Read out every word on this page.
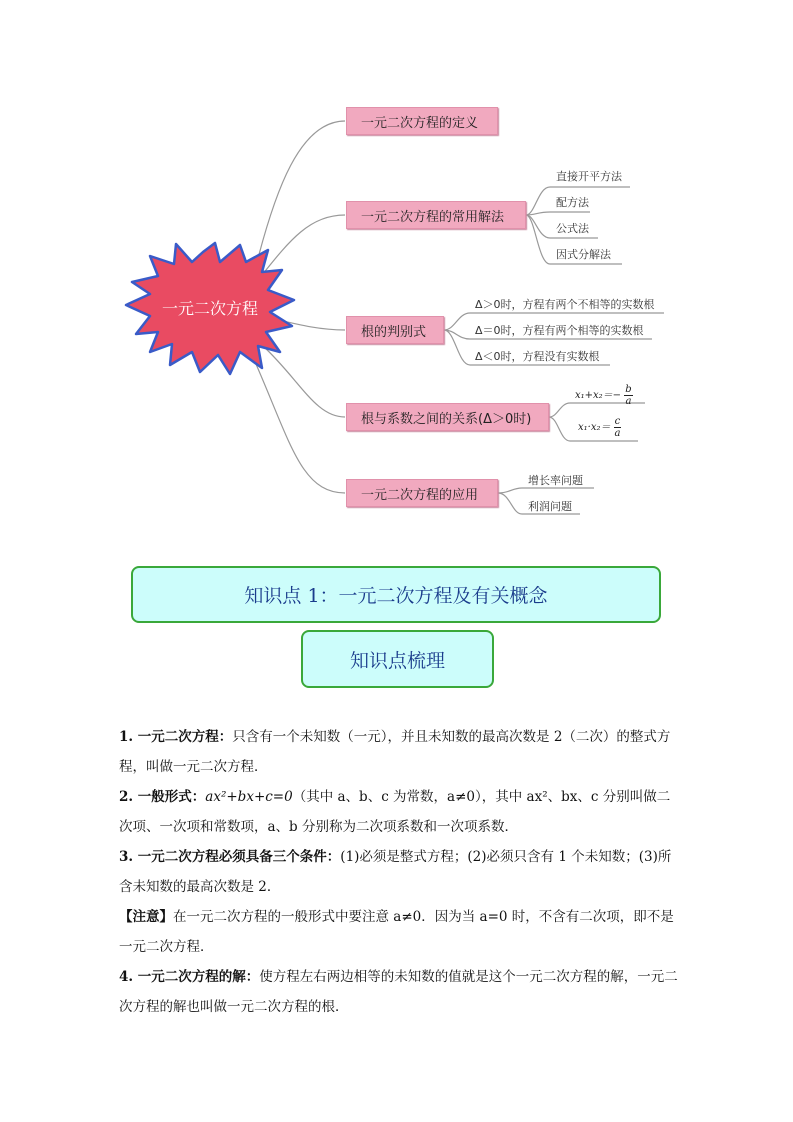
一元二次方程
一元二次方程的定义
一元二次方程的常用解法
根的判别式
根与系数之间的关系(Δ＞0时)
一元二次方程的应用
直接开平方法
配方法
公式法
因式分解法
Δ＞0时，方程有两个不相等的实数根
Δ＝0时，方程有两个相等的实数根
Δ＜0时，方程没有实数根
$x_1+x_2=- \frac{b}{a}$
$x_1\cdot x_2= \frac{c}{a}$
增长率问题
利润问题
知识点 1：一元二次方程及有关概念
知识点梳理

1. 一元二次方程：只含有一个未知数（一元），并且未知数的最高次数是 2（二次）的整式方程，叫做一元二次方程．

2. 一般形式：ax²+bx+c=0（其中 a、b、c 为常数，a≠0），其中 ax²、bx、c 分别叫做二次项、一次项和常数项，a、b 分别称为二次项系数和一次项系数．

3. 一元二次方程必须具备三个条件：(1)必须是整式方程；(2)必须只含有 1 个未知数；(3)所含未知数的最高次数是 2．

【注意】在一元二次方程的一般形式中要注意 a≠0．因为当 a=0 时，不含有二次项，即不是一元二次方程．

4. 一元二次方程的解：使方程左右两边相等的未知数的值就是这个一元二次方程的解，一元二次方程的解也叫做一元二次方程的根．
